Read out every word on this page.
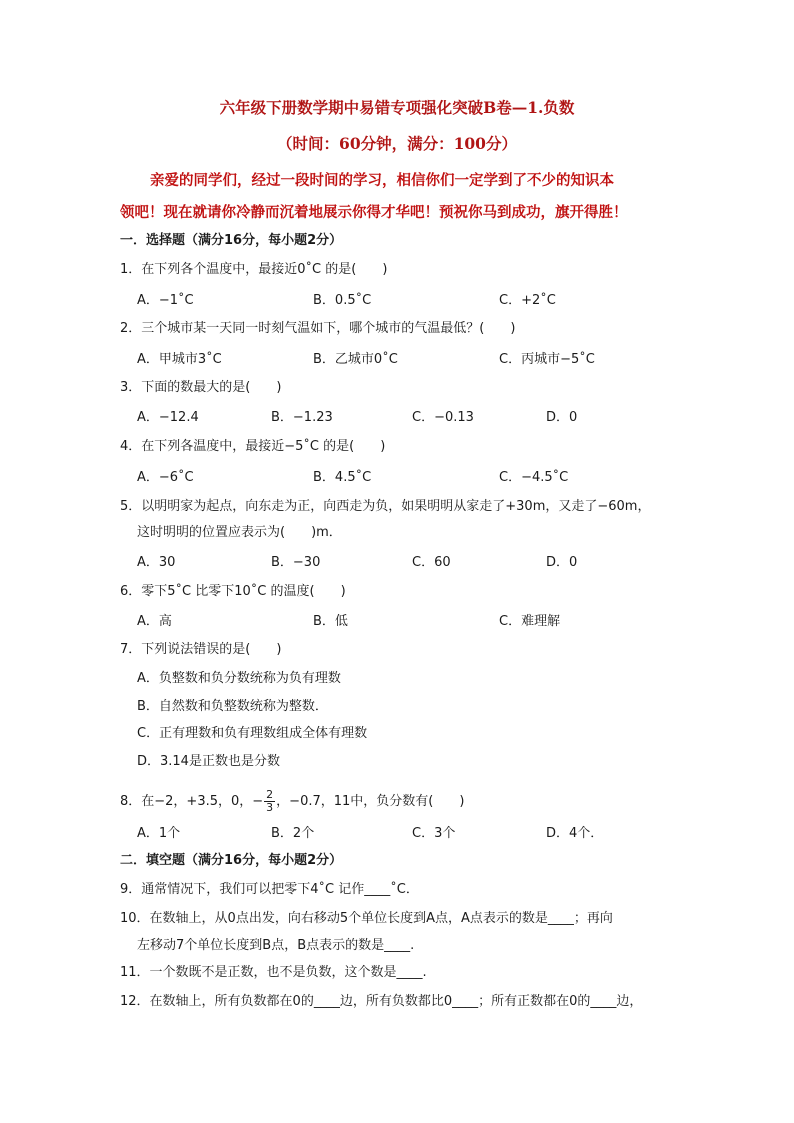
六年级下册数学期中易错专项强化突破B卷—1.负数
（时间：60分钟，满分：100分）
亲爱的同学们，经过一段时间的学习，相信你们一定学到了不少的知识本
领吧！现在就请你冷静而沉着地展示你得才华吧！预祝你马到成功，旗开得胜！
一．选择题（满分16分，每小题2分）
1．在下列各个温度中，最接近0˚C 的是(　　)
A．−1˚C	B．0.5˚C	C．+2˚C
2．三个城市某一天同一时刻气温如下，哪个城市的气温最低？(　　)
A．甲城市3˚C	B．乙城市0˚C	C．丙城市−5˚C
3．下面的数最大的是(　　)
A．−12.4	B．−1.23	C．−0.13	D．0
4．在下列各温度中，最接近−5˚C 的是(　　)
A．−6˚C	B．4.5˚C	C．−4.5˚C
5．以明明家为起点，向东走为正，向西走为负，如果明明从家走了+30m，又走了−60m，
这时明明的位置应表示为(　　)m．
A．30	B．−30	C．60	D．0
6．零下5˚C 比零下10˚C 的温度(　　)
A．高	B．低	C．难理解
7．下列说法错误的是(　　)
A．负整数和负分数统称为负有理数
B．自然数和负整数统称为整数．
C．正有理数和负有理数组成全体有理数
D．3.14是正数也是分数
8．在−2，+3.5，0，− $\frac{2}{3}$ ，−0.7，11中，负分数有(　　)
A．1个	B．2个	C．3个	D．4个．
二．填空题（满分16分，每小题2分）
9．通常情况下，我们可以把零下4˚C 记作____˚C．
10．在数轴上，从0点出发，向右移动5个单位长度到A点，A点表示的数是____；再向
左移动7个单位长度到B点，B点表示的数是____.
11．一个数既不是正数，也不是负数，这个数是____.
12．在数轴上，所有负数都在0的____边，所有负数都比0____；所有正数都在0的____边，
